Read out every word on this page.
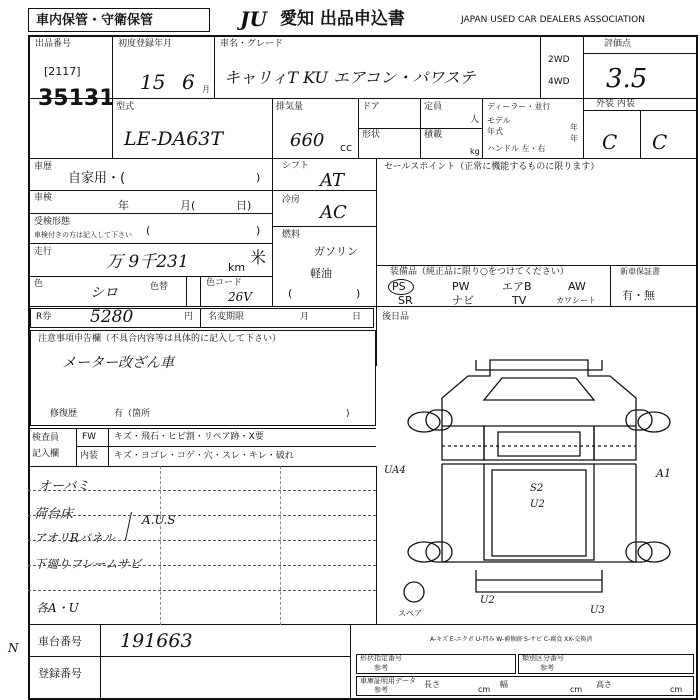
車内保管・守衛保管	JU 愛知 出品申込書	JAPAN USED CAR DEALERS ASSOCIATION
出品番号
[2117]
35131
初度登録年月
15 6 月
車名・グレード
キャリィT KU エアコン・パワステ
2WD
4WD
評価点
3.5
型式
LE-DA63T
排気量
660 cc
ドア
形状
定員
人
積載
kg
ディーラー・並行
モデル
年
年式
年
ハンドル 左・右
外装 内装
C C
車歴
自家用・(	)
車検
年	月(	日)
受検形態
車検付きの方は記入して下さい (	)
走行	万 9千231	km
米
色
シロ	色替	色コード
26V
シフト
AT
冷房
AC
燃料
ガソリン
軽油
(	)
セールスポイント（正常に機能するものに限ります）
装備品（純正品に限り○をつけてください）
PS	PW	エアB	AW
SR	ナビ	TV	カワシート
新車保証書
有・無
R券 5280	円 名変期限	月	日 後日品
注意事項申告欄（不具合内容等は具体的に記入して下さい）
メーター改ざん車
修復歴	有（箇所	)
検査員
記入欄
FW キズ・飛石・ヒビ割・リペア跡・X要
内装 キズ・ヨゴレ・コゲ・穴・スレ・キレ・破れ
オーバミ
荷台床
アオリRパネル
下廻りフレームサビ
A.U.S
各A・U
UA4	A1
S2
U2
U2
U3
スペア
A-キズ E-エクボ U-凹み W-補修跡 S-サビ C-腐食 XX-交換済
N 車台番号 191663
登録番号
形状指定番号
参考
類別区分番号
参考
車庫証明用データ
参考
長さ
cm
幅
cm
高さ
cm
